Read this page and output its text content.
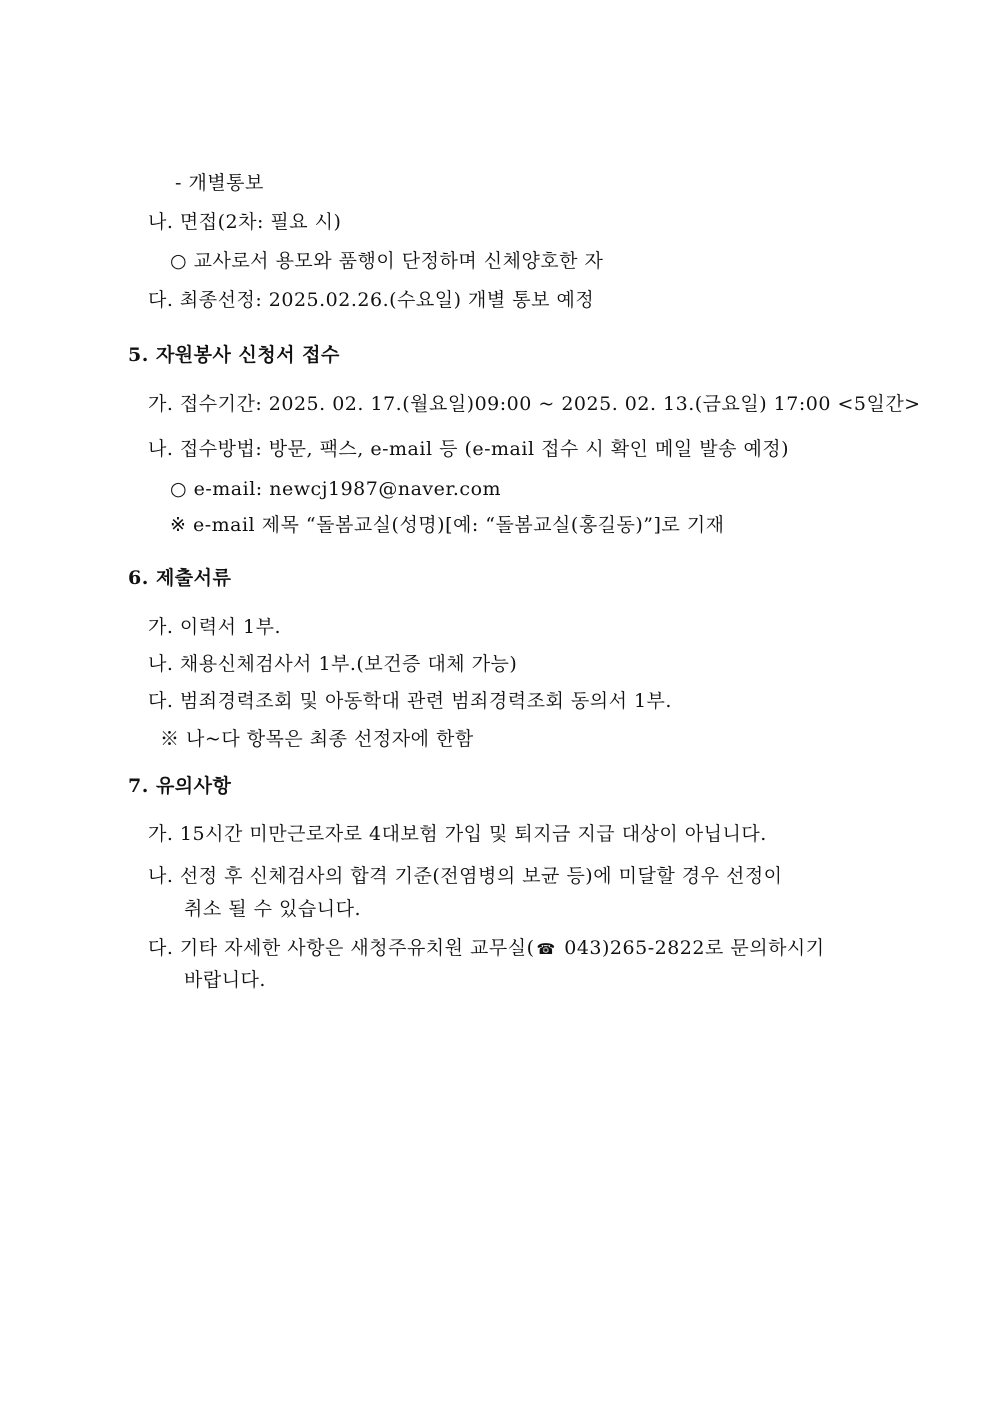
- 개별통보
나. 면접(2차: 필요 시)
○ 교사로서 용모와 품행이 단정하며 신체양호한 자
다. 최종선정: 2025.02.26.(수요일) 개별 통보 예정
5. 자원봉사 신청서 접수
가. 접수기간: 2025. 02. 17.(월요일)09:00 ~ 2025. 02. 13.(금요일) 17:00 <5일간>
나. 접수방법: 방문, 팩스, e-mail 등 (e-mail 접수 시 확인 메일 발송 예정)
○ e-mail: newcj1987@naver.com
※ e-mail 제목 “돌봄교실(성명)[예: “돌봄교실(홍길동)”]로 기재
6. 제출서류
가. 이력서 1부.
나. 채용신체검사서 1부.(보건증 대체 가능)
다. 범죄경력조회 및 아동학대 관련 범죄경력조회 동의서 1부.
※ 나~다 항목은 최종 선정자에 한함
7. 유의사항
가. 15시간 미만근로자로 4대보험 가입 및 퇴지금 지급 대상이 아닙니다.
나. 선정 후 신체검사의 합격 기준(전염병의 보균 등)에 미달할 경우 선정이
취소 될 수 있습니다.
다. 기타 자세한 사항은 새청주유치원 교무실( ☎ 043)265-2822로 문의하시기
바랍니다.
